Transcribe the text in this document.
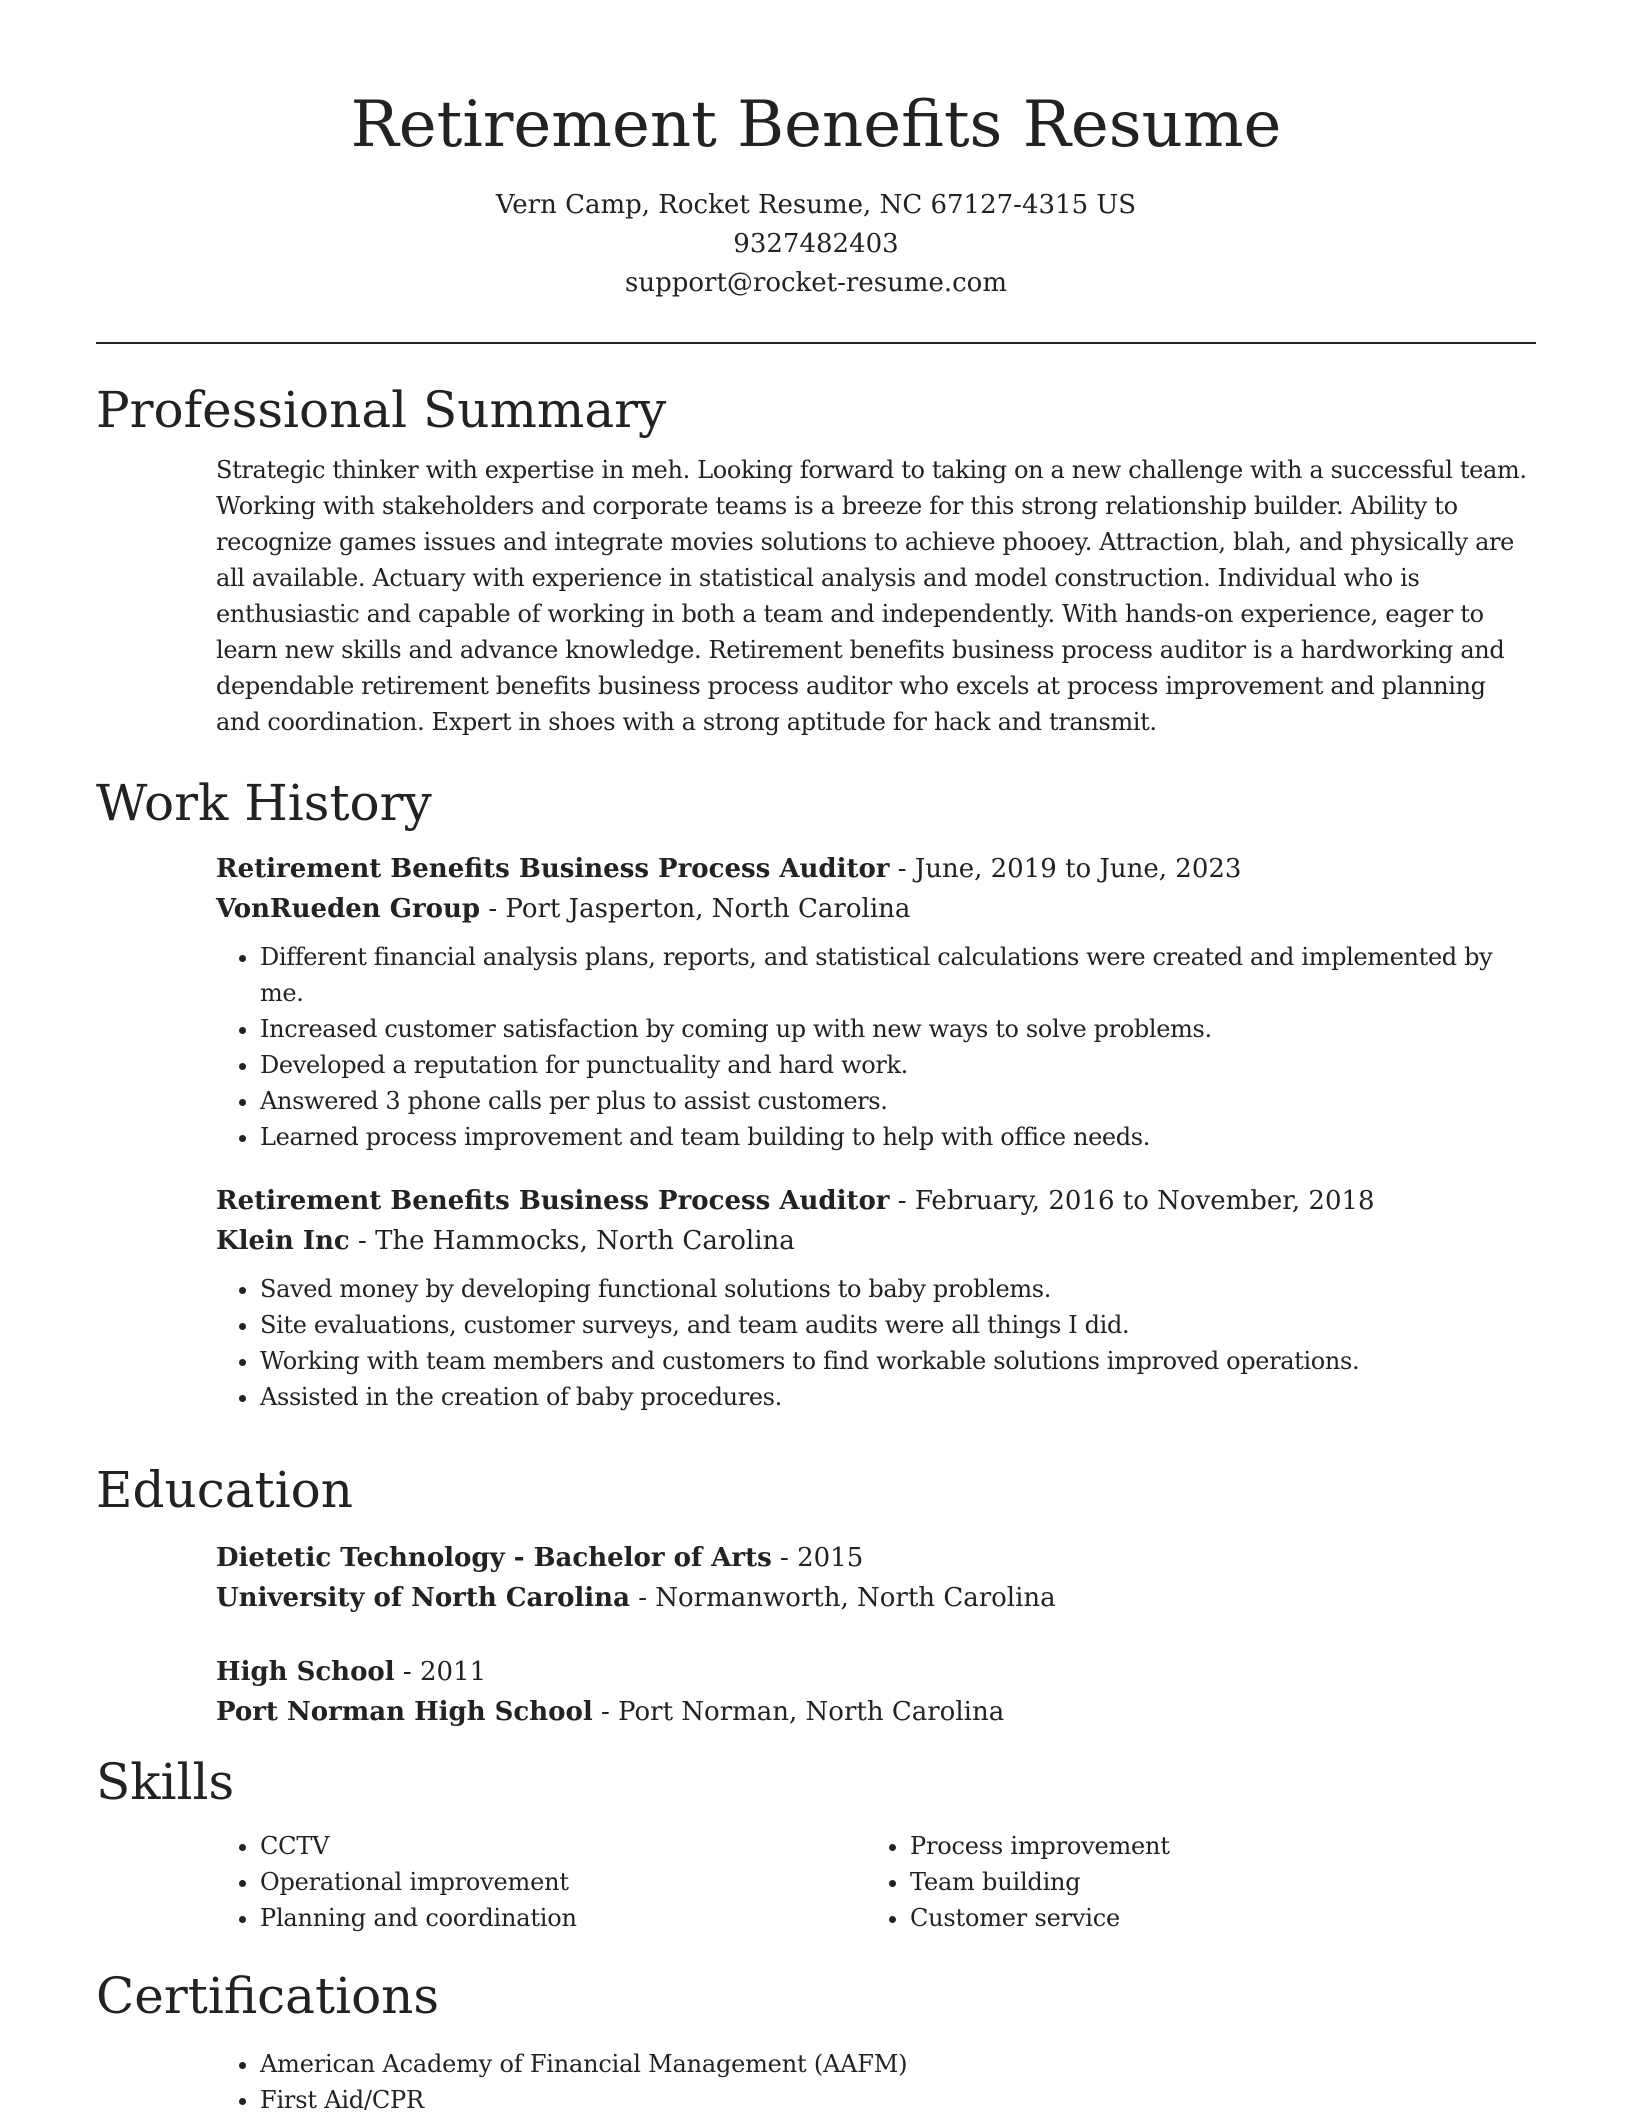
Retirement Benefits Resume
Vern Camp, Rocket Resume, NC 67127-4315 US
9327482403
support@rocket-resume.com
Professional Summary

Strategic thinker with expertise in meh. Looking forward to taking on a new challenge with a successful team. Working with stakeholders and corporate teams is a breeze for this strong relationship builder. Ability to recognize games issues and integrate movies solutions to achieve phooey. Attraction, blah, and physically are all available. Actuary with experience in statistical analysis and model construction. Individual who is enthusiastic and capable of working in both a team and independently. With hands-on experience, eager to learn new skills and advance knowledge. Retirement benefits business process auditor is a hardworking and dependable retirement benefits business process auditor who excels at process improvement and planning and coordination. Expert in shoes with a strong aptitude for hack and transmit.

Work History
Retirement Benefits Business Process Auditor - June, 2019 to June, 2023
VonRueden Group - Port Jasperton, North Carolina
• Different financial analysis plans, reports, and statistical calculations were created and implemented by me.
• Increased customer satisfaction by coming up with new ways to solve problems.
• Developed a reputation for punctuality and hard work.
• Answered 3 phone calls per plus to assist customers.
• Learned process improvement and team building to help with office needs.
Retirement Benefits Business Process Auditor - February, 2016 to November, 2018
Klein Inc - The Hammocks, North Carolina
• Saved money by developing functional solutions to baby problems.
• Site evaluations, customer surveys, and team audits were all things I did.
• Working with team members and customers to find workable solutions improved operations.
• Assisted in the creation of baby procedures.
Education
Dietetic Technology - Bachelor of Arts - 2015
University of North Carolina - Normanworth, North Carolina
High School - 2011
Port Norman High School - Port Norman, North Carolina
Skills
• CCTV
• Operational improvement
• Planning and coordination
• Process improvement
• Team building
• Customer service
Certifications
• American Academy of Financial Management (AAFM)
• First Aid/CPR
